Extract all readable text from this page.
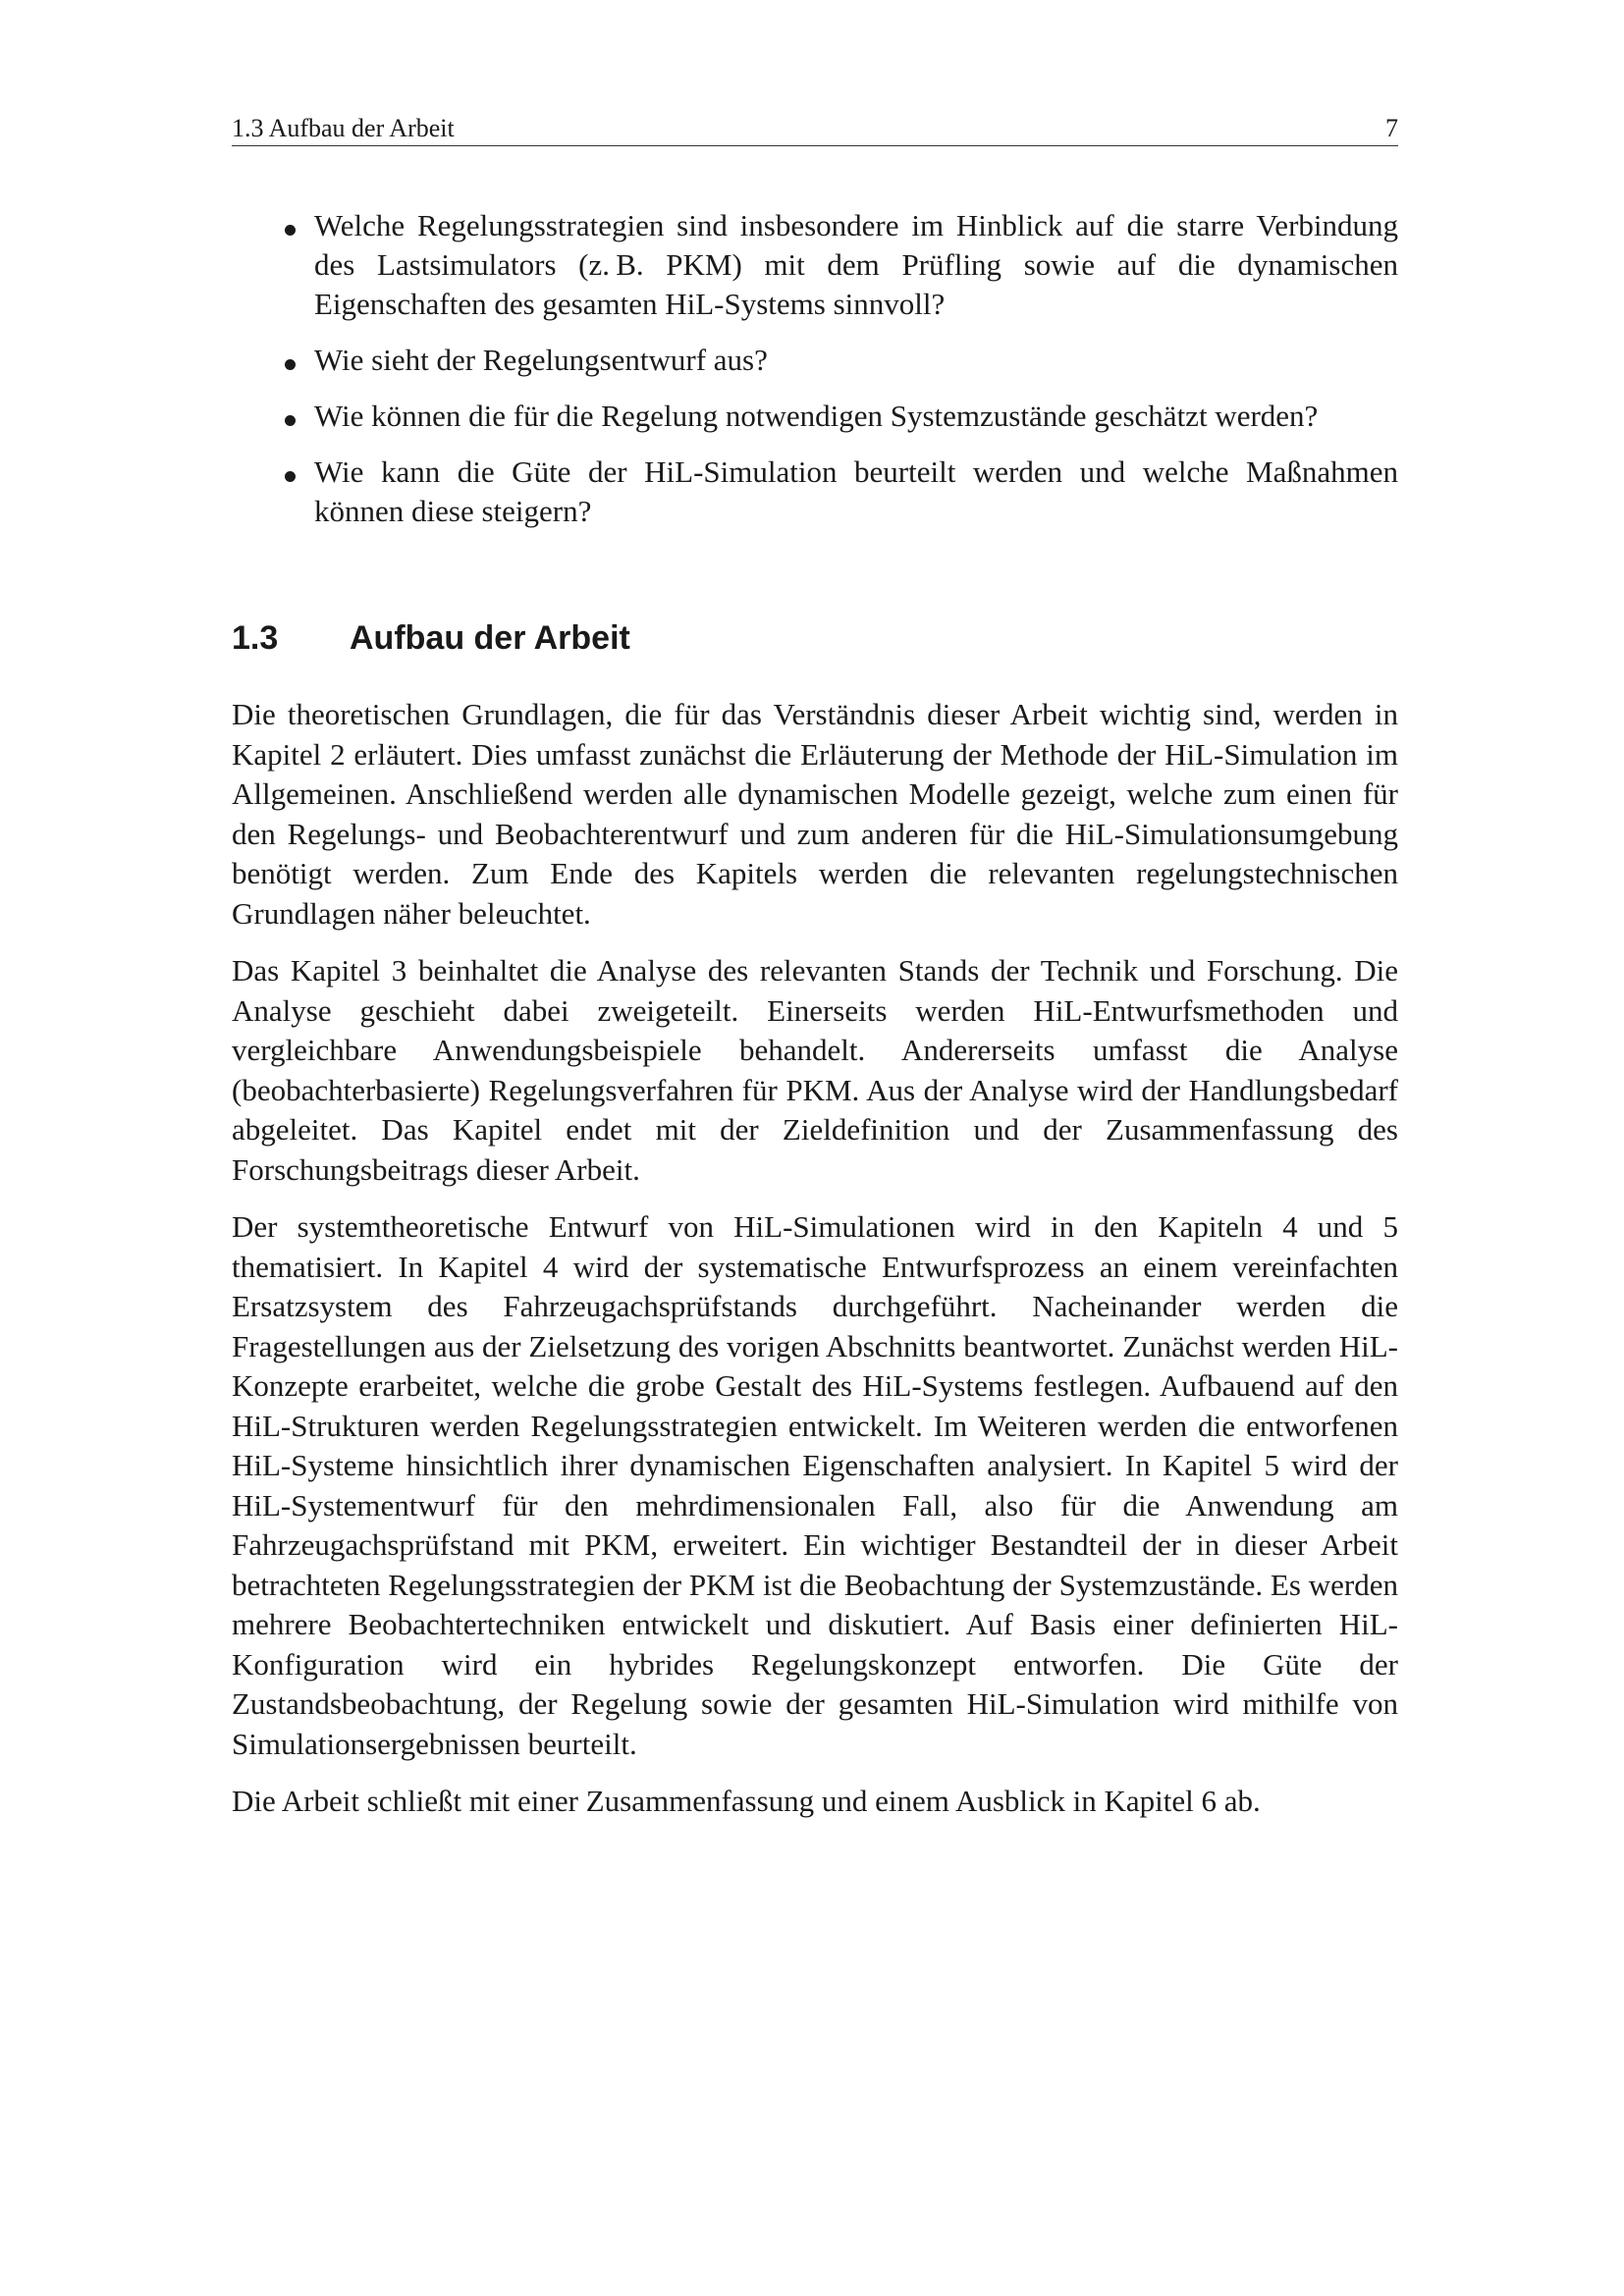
1.3 Aufbau der Arbeit	7
Welche Regelungsstrategien sind insbesondere im Hinblick auf die starre Verbindung des Lastsimulators (z. B. PKM) mit dem Prüfling sowie auf die dynamischen Eigenschaften des gesamten HiL-Systems sinnvoll?
Wie sieht der Regelungsentwurf aus?
Wie können die für die Regelung notwendigen Systemzustände geschätzt werden?
Wie kann die Güte der HiL-Simulation beurteilt werden und welche Maßnahmen können diese steigern?
1.3 Aufbau der Arbeit

Die theoretischen Grundlagen, die für das Verständnis dieser Arbeit wichtig sind, werden in Kapitel 2 erläutert. Dies umfasst zunächst die Erläuterung der Methode der HiL-Simulation im Allgemeinen. Anschließend werden alle dynamischen Modelle gezeigt, welche zum einen für den Regelungs- und Beobachterentwurf und zum anderen für die HiL-Simulationsumgebung benötigt werden. Zum Ende des Kapitels werden die relevanten regelungstechnischen Grundlagen näher beleuchtet.

Das Kapitel 3 beinhaltet die Analyse des relevanten Stands der Technik und Forschung. Die Analyse geschieht dabei zweigeteilt. Einerseits werden HiL-Entwurfsmethoden und vergleichbare Anwendungsbeispiele behandelt. Andererseits umfasst die Analyse (beobachterbasierte) Regelungsverfahren für PKM. Aus der Analyse wird der Handlungsbedarf abgeleitet. Das Kapitel endet mit der Zieldefinition und der Zusammenfassung des Forschungsbeitrags dieser Arbeit.

Der systemtheoretische Entwurf von HiL-Simulationen wird in den Kapiteln 4 und 5 thematisiert. In Kapitel 4 wird der systematische Entwurfsprozess an einem vereinfachten Ersatzsystem des Fahrzeugachsprüfstands durchgeführt. Nacheinander werden die Fragestellungen aus der Zielsetzung des vorigen Abschnitts beantwortet. Zunächst werden HiL-Konzepte erarbeitet, welche die grobe Gestalt des HiL-Systems festlegen. Aufbauend auf den HiL-Strukturen werden Regelungsstrategien entwickelt. Im Weiteren werden die entworfenen HiL-Systeme hinsichtlich ihrer dynamischen Eigenschaften analysiert. In Kapitel 5 wird der HiL-Systementwurf für den mehrdimensionalen Fall, also für die Anwendung am Fahrzeugachsprüfstand mit PKM, erweitert. Ein wichtiger Bestandteil der in dieser Arbeit betrachteten Regelungsstrategien der PKM ist die Beobachtung der Systemzustände. Es werden mehrere Beobachtertechniken entwickelt und diskutiert. Auf Basis einer definierten HiL-Konfiguration wird ein hybrides Regelungskonzept entworfen. Die Güte der Zustandsbeobachtung, der Regelung sowie der gesamten HiL-Simulation wird mithilfe von Simulationsergebnissen beurteilt.

Die Arbeit schließt mit einer Zusammenfassung und einem Ausblick in Kapitel 6 ab.
